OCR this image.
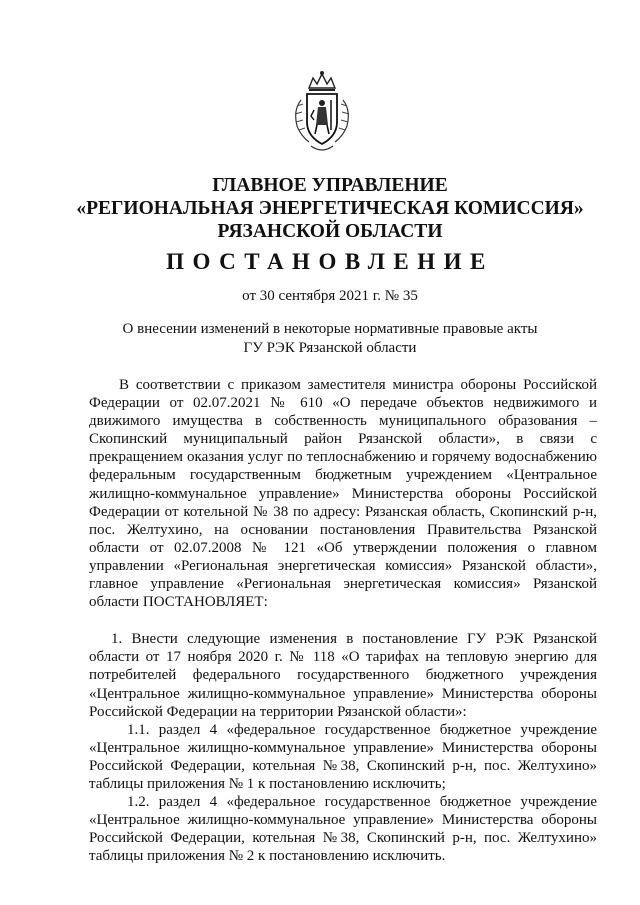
ГЛАВНОЕ УПРАВЛЕНИЕ
«РЕГИОНАЛЬНАЯ ЭНЕРГЕТИЧЕСКАЯ КОМИССИЯ»
РЯЗАНСКОЙ ОБЛАСТИ
ПОСТАНОВЛЕНИЕ
от 30 сентября 2021 г. № 35
О внесении изменений в некоторые нормативные правовые акты
ГУ РЭК Рязанской области

В соответствии с приказом заместителя министра обороны Российской Федерации от 02.07.2021 № 610 «О передаче объектов недвижимого и движимого имущества в собственность муниципального образования – Скопинский муниципальный район Рязанской области», в связи с прекращением оказания услуг по теплоснабжению и горячему водоснабжению федеральным государственным бюджетным учреждением «Центральное жилищно-коммунальное управление» Министерства обороны Российской Федерации от котельной № 38 по адресу: Рязанская область, Скопинский р-н, пос. Желтухино, на основании постановления Правительства Рязанской области от 02.07.2008 № 121 «Об утверждении положения о главном управлении «Региональная энергетическая комиссия» Рязанской области», главное управление «Региональная энергетическая комиссия» Рязанской области ПОСТАНОВЛЯЕТ:

1. Внести следующие изменения в постановление ГУ РЭК Рязанской области от 17 ноября 2020 г. № 118 «О тарифах на тепловую энергию для потребителей федерального государственного бюджетного учреждения «Центральное жилищно-коммунальное управление» Министерства обороны Российской Федерации на территории Рязанской области»:

1.1. раздел 4 «федеральное государственное бюджетное учреждение «Центральное жилищно-коммунальное управление» Министерства обороны Российской Федерации, котельная №38, Скопинский р-н, пос. Желтухино» таблицы приложения № 1 к постановлению исключить;

1.2. раздел 4 «федеральное государственное бюджетное учреждение «Центральное жилищно-коммунальное управление» Министерства обороны Российской Федерации, котельная №38, Скопинский р-н, пос. Желтухино» таблицы приложения № 2 к постановлению исключить.
